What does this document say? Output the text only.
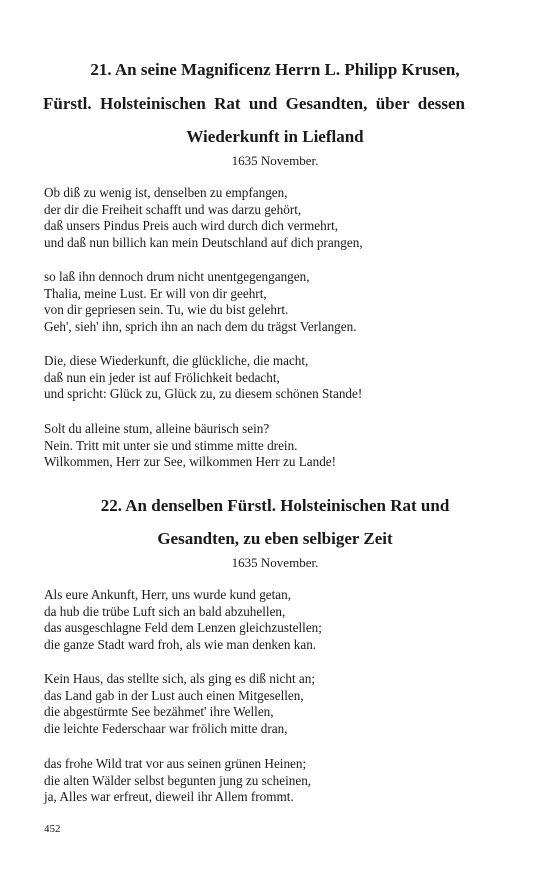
21. An seine Magnificenz Herrn L. Philipp Krusen,

Fürstl. Holsteinischen Rat und Gesandten, über dessen

Wiederkunft in Liefland

1635 November.

Ob diß zu wenig ist, denselben zu empfangen,
der dir die Freiheit schafft und was darzu gehört,
daß unsers Pindus Preis auch wird durch dich vermehrt,
und daß nun billich kan mein Deutschland auf dich prangen,
so laß ihn dennoch drum nicht unentgegengangen,
Thalia, meine Lust. Er will von dir geehrt,
von dir gepriesen sein. Tu, wie du bist gelehrt.
Geh', sieh' ihn, sprich ihn an nach dem du trägst Verlangen.
Die, diese Wiederkunft, die glückliche, die macht,
daß nun ein jeder ist auf Frölichkeit bedacht,
und spricht: Glück zu, Glück zu, zu diesem schönen Stande!
Solt du alleine stum, alleine bäurisch sein?
Nein. Tritt mit unter sie und stimme mitte drein.
Wilkommen, Herr zur See, wilkommen Herr zu Lande!

22. An denselben Fürstl. Holsteinischen Rat und

Gesandten, zu eben selbiger Zeit

1635 November.

Als eure Ankunft, Herr, uns wurde kund getan,
da hub die trübe Luft sich an bald abzuhellen,
das ausgeschlagne Feld dem Lenzen gleichzustellen;
die ganze Stadt ward froh, als wie man denken kan.
Kein Haus, das stellte sich, als ging es diß nicht an;
das Land gab in der Lust auch einen Mitgesellen,
die abgestürmte See bezähmet' ihre Wellen,
die leichte Federschaar war frölich mitte dran,
das frohe Wild trat vor aus seinen grünen Heinen;
die alten Wälder selbst begunten jung zu scheinen,
ja, Alles war erfreut, dieweil ihr Allem frommt.

452
